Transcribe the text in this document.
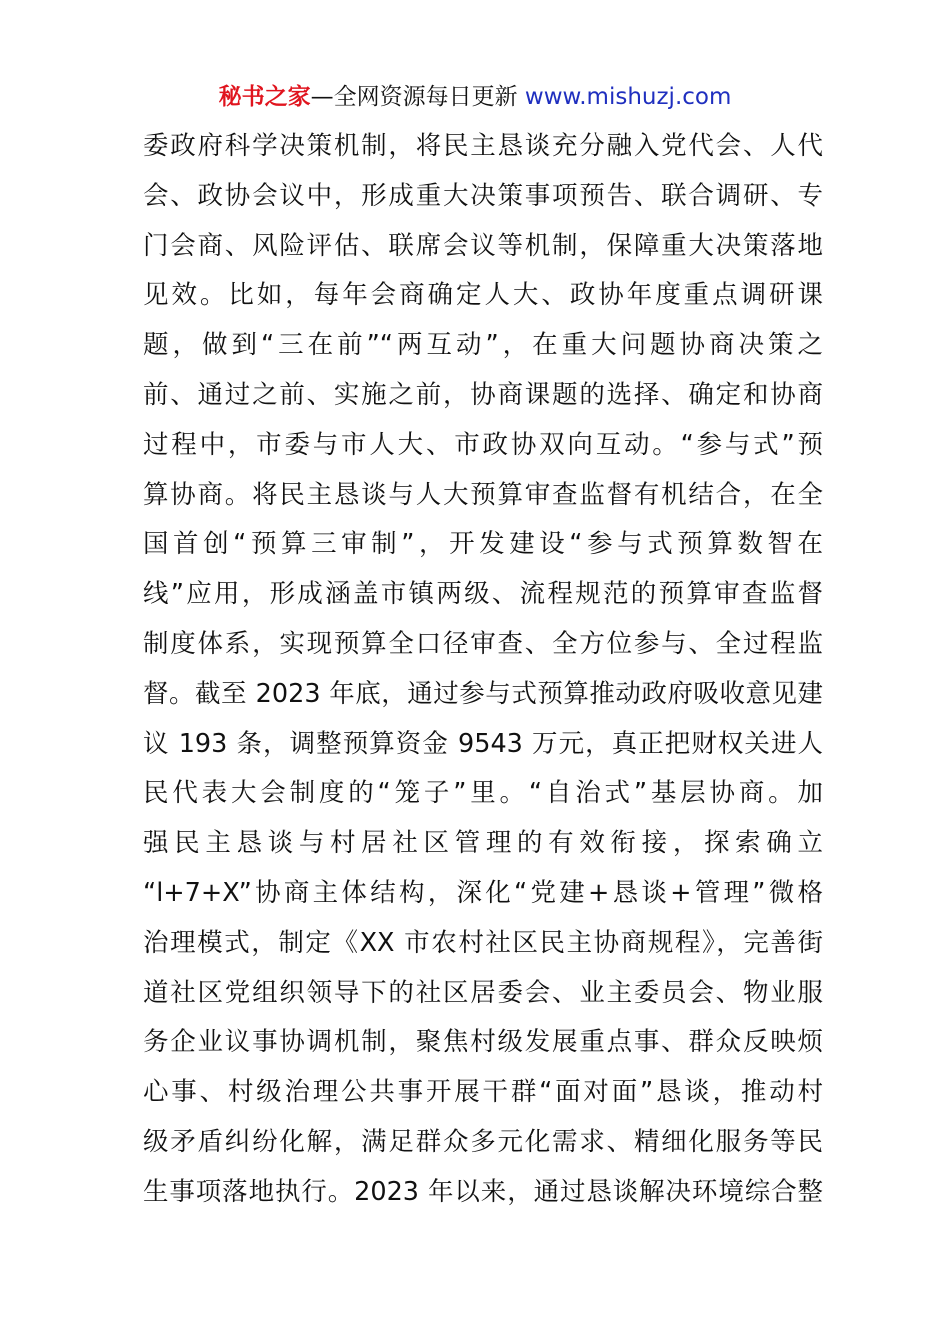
秘书之家—全网资源每日更新 www.mishuzj.com
委政府科学决策机制，将民主恳谈充分融入党代会、人代
会、政协会议中，形成重大决策事项预告、联合调研、专
门会商、风险评估、联席会议等机制，保障重大决策落地
见效。比如，每年会商确定人大、政协年度重点调研课
题，做到“三在前”“两互动”，在重大问题协商决策之
前、通过之前、实施之前，协商课题的选择、确定和协商
过程中，市委与市人大、市政协双向互动。“参与式”预
算协商。将民主恳谈与人大预算审查监督有机结合，在全
国首创“预算三审制”，开发建设“参与式预算数智在
线”应用，形成涵盖市镇两级、流程规范的预算审查监督
制度体系，实现预算全口径审查、全方位参与、全过程监
督。截至 2023 年底，通过参与式预算推动政府吸收意见建
议 193 条，调整预算资金 9543 万元，真正把财权关进人
民代表大会制度的“笼子”里。“自治式”基层协商。加
强民主恳谈与村居社区管理的有效衔接，探索确立
“l+7+X”协商主体结构，深化“党建+恳谈+管理”微格
治理模式，制定《XX 市农村社区民主协商规程》，完善街
道社区党组织领导下的社区居委会、业主委员会、物业服
务企业议事协调机制，聚焦村级发展重点事、群众反映烦
心事、村级治理公共事开展干群“面对面”恳谈，推动村
级矛盾纠纷化解，满足群众多元化需求、精细化服务等民
生事项落地执行。2023 年以来，通过恳谈解决环境综合整
